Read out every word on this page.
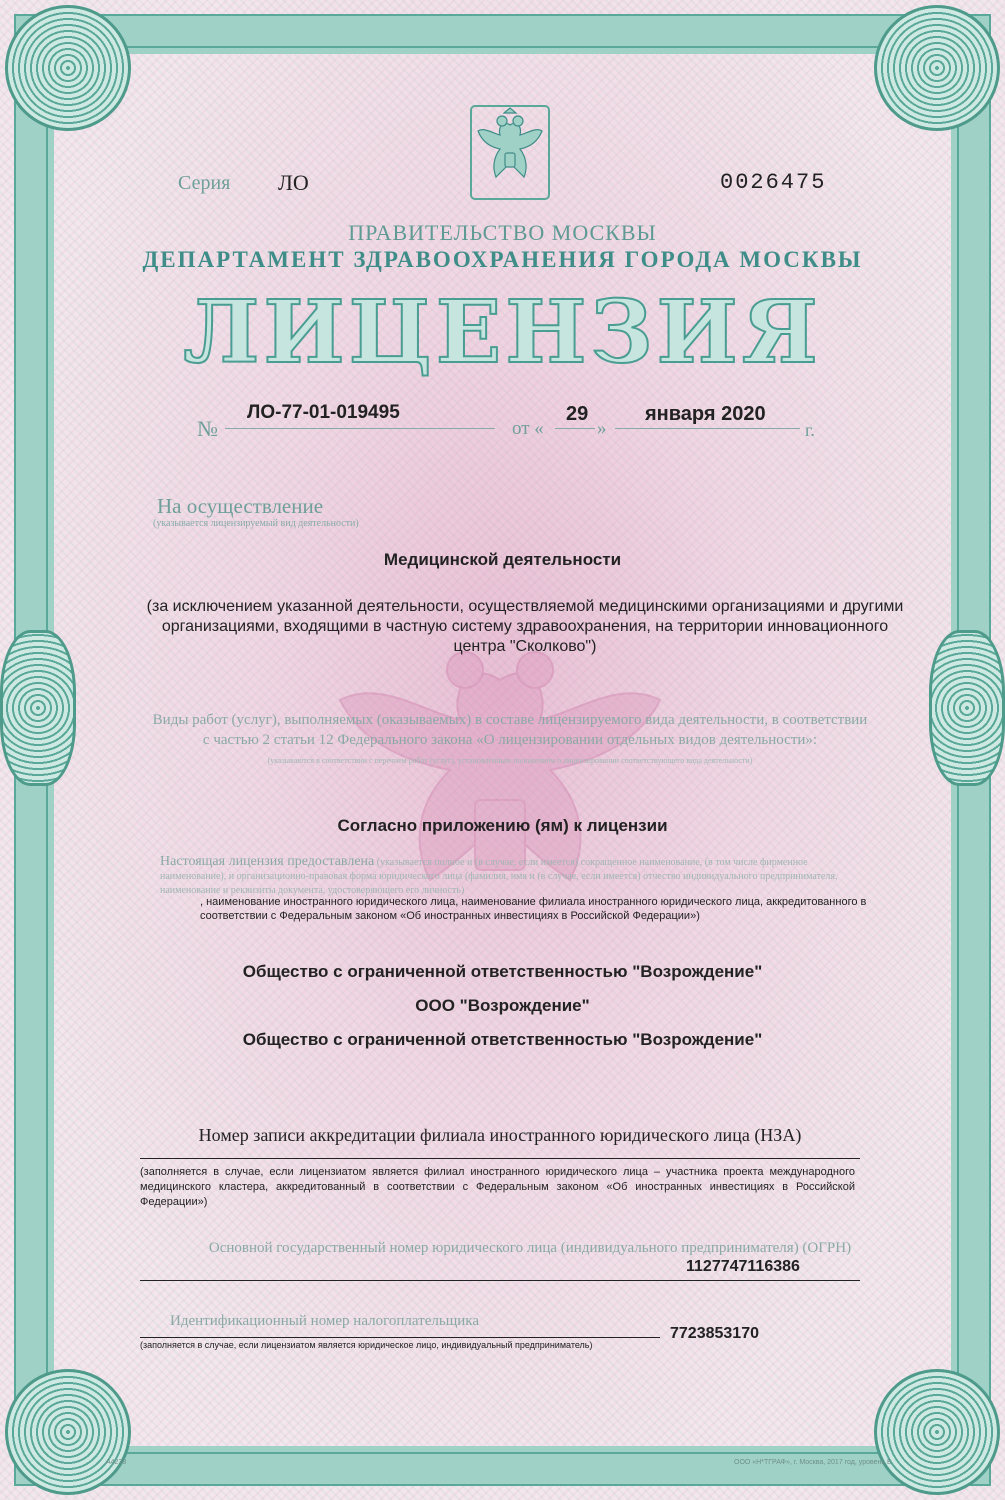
Серия ЛО	0026475
ПРАВИТЕЛЬСТВО МОСКВЫ
ДЕПАРТАМЕНТ ЗДРАВООХРАНЕНИЯ ГОРОДА МОСКВЫ
ЛИЦЕНЗИЯ
№
ЛО-77-01-019495
от «
29
»
января 2020
г.
На осуществление
(указывается лицензируемый вид деятельности)
Медицинской деятельности
(за исключением указанной деятельности, осуществляемой медицинскими организациями и другими организациями, входящими в частную систему здравоохранения, на территории инновационного центра "Сколково")
Виды работ (услуг), выполняемых (оказываемых) в составе лицензируемого вида деятельности, в соответствии с частью 2 статьи 12 Федерального закона «О лицензировании отдельных видов деятельности»:
(указываются в соответствии с перечнем работ (услуг), установленным положением о лицензировании соответствующего вида деятельности)
Согласно приложению (ям) к лицензии
Настоящая лицензия предоставлена (указывается полное и (в случае, если имеется) сокращенное наименование, (в том числе фирменное наименование), и организационно-правовая форма юридического лица (фамилия, имя и (в случае, если имеется) отчество индивидуального предпринимателя, наименование и реквизиты документа, удостоверяющего его личность)
, наименование иностранного юридического лица, наименование филиала иностранного юридического лица, аккредитованного в соответствии с Федеральным законом «Об иностранных инвестициях в Российской Федерации»)
Общество с ограниченной ответственностью "Возрождение"
ООО "Возрождение"
Общество с ограниченной ответственностью "Возрождение"
Номер записи аккредитации филиала иностранного юридического лица (НЗА)
(заполняется в случае, если лицензиатом является филиал иностранного юридического лица – участника проекта международного медицинского кластера, аккредитованный в соответствии с Федеральным законом «Об иностранных инвестициях в Российской Федерации»)
Основной государственный номер юридического лица (индивидуального предпринимателя) (ОГРН)
1127747116386
Идентификационный номер налогоплательщика
(заполняется в случае, если лицензиатом является юридическое лицо, индивидуальный предприниматель)
7723853170
А4238	ООО «Н*ТГРАФ», г. Москва, 2017 год, уровень Б
